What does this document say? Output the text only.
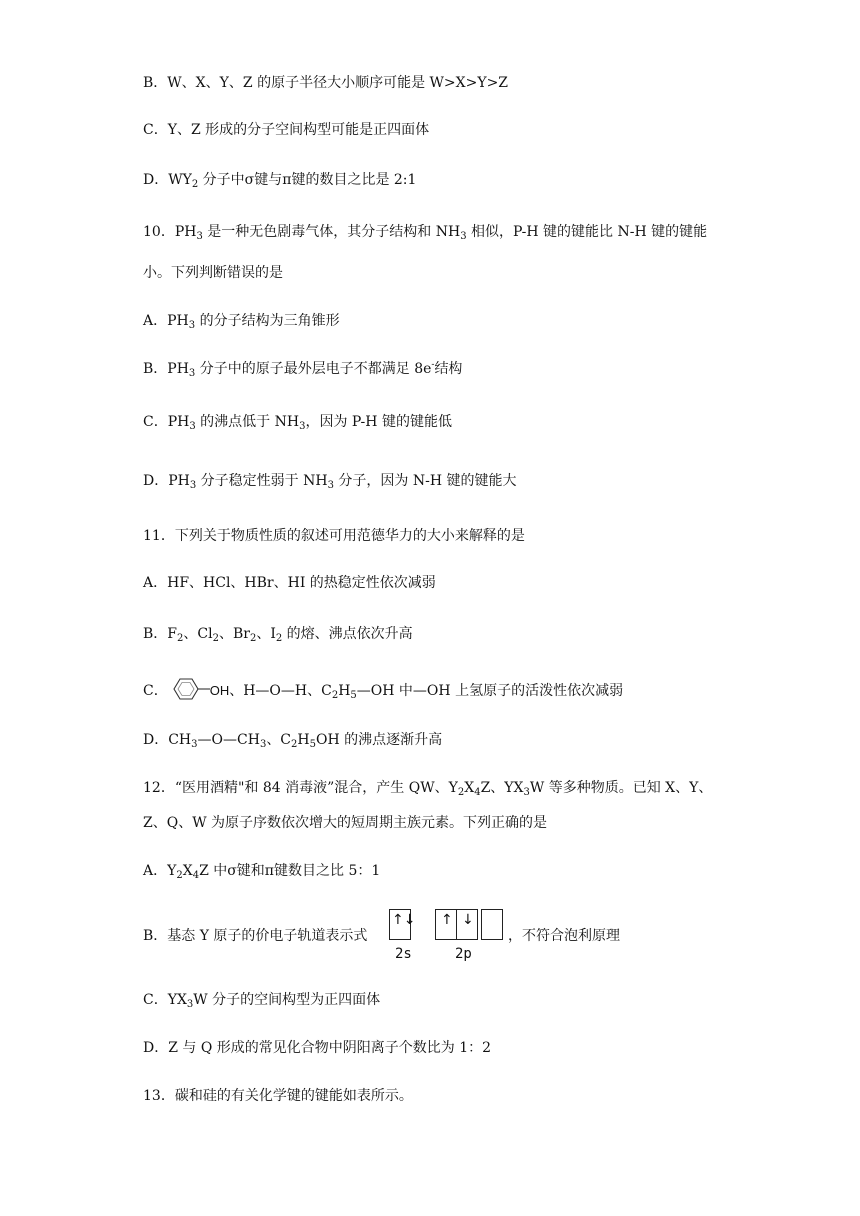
B．W、X、Y、Z 的原子半径大小顺序可能是 W>X>Y>Z
C．Y、Z 形成的分子空间构型可能是正四面体
D．$WY_2$ 分子中σ键与π键的数目之比是 2:1
10．$PH_3$ 是一种无色剧毒气体，其分子结构和 $NH_3$ 相似，P-H 键的键能比 N-H 键的键能
小。下列判断错误的是
A．$PH_3$ 的分子结构为三角锥形
B．$PH_3$ 分子中的原子最外层电子不都满足 8e-结构
C．$PH_3$ 的沸点低于 $NH_3$，因为 P-H 键的键能低
D．$PH_3$ 分子稳定性弱于 $NH_3$ 分子，因为 N-H 键的键能大
11．下列关于物质性质的叙述可用范德华力的大小来解释的是
A．HF、HCl、HBr、HI 的热稳定性依次减弱
B．$F_2$、$Cl_2$、$Br_2$、$I_2$ 的熔、沸点依次升高
C．	OH、H—O—H、$C_2H_5—OH$ 中—OH 上氢原子的活泼性依次减弱
D．$CH_3—O—CH_3$、$C_2H_5OH$ 的沸点逐渐升高
12．“医用酒精"和 84 消毒液”混合，产生 QW、$Y_2X_4Z$、$YX_3W$ 等多种物质。已知 X、Y、
Z、Q、W 为原子序数依次增大的短周期主族元素。下列正确的是
A．$Y_2X_4Z$ 中σ键和π键数目之比 5：1
B．基态 Y 原子的价电子轨道表示式
↑↓ ↑ ↓
2s	2p
，不符合泡利原理
C．$YX_3W$ 分子的空间构型为正四面体
D．Z 与 Q 形成的常见化合物中阴阳离子个数比为 1：2
13．碳和硅的有关化学键的键能如表所示。
